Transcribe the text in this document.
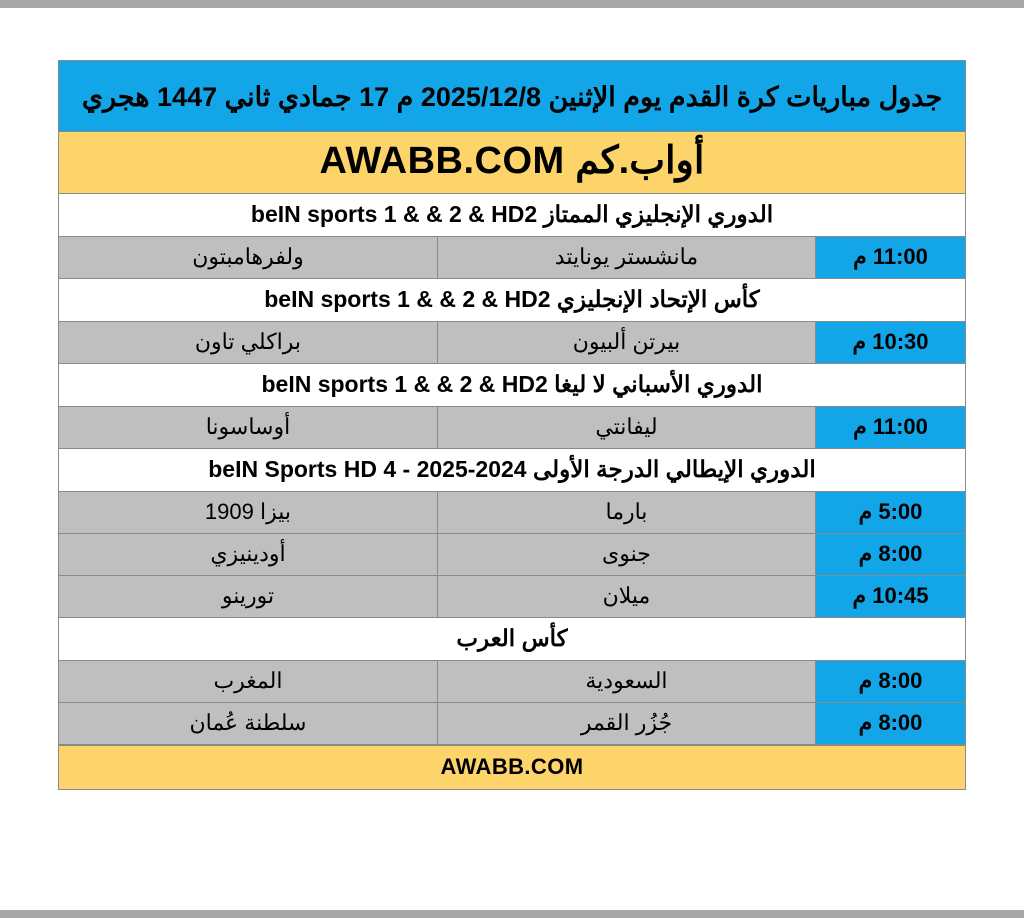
جدول مباريات كرة القدم يوم الإثنين 2025/12/8 م 17 جمادي ثاني 1447 هجري
أواب.كم AWABB.COM
الدوري الإنجليزي الممتاز beIN sports 1 & & 2 & HD2
11:00 م
مانشستر يونايتد
ولفرهامبتون
كأس الإتحاد الإنجليزي beIN sports 1 & & 2 & HD2
10:30 م
بيرتن ألبيون
براكلي تاون
الدوري الأسباني لا ليغا beIN sports 1 & & 2 & HD2
11:00 م
ليفانتي
أوساسونا
الدوري الإيطالي الدرجة الأولى 2024-2025 - beIN Sports HD 4
5:00 م
بارما
بيزا 1909
8:00 م
جنوى
أودينيزي
10:45 م
ميلان
تورينو
كأس العرب
8:00 م
السعودية
المغرب
8:00 م
جُزُر القمر
سلطنة عُمان
AWABB.COM
